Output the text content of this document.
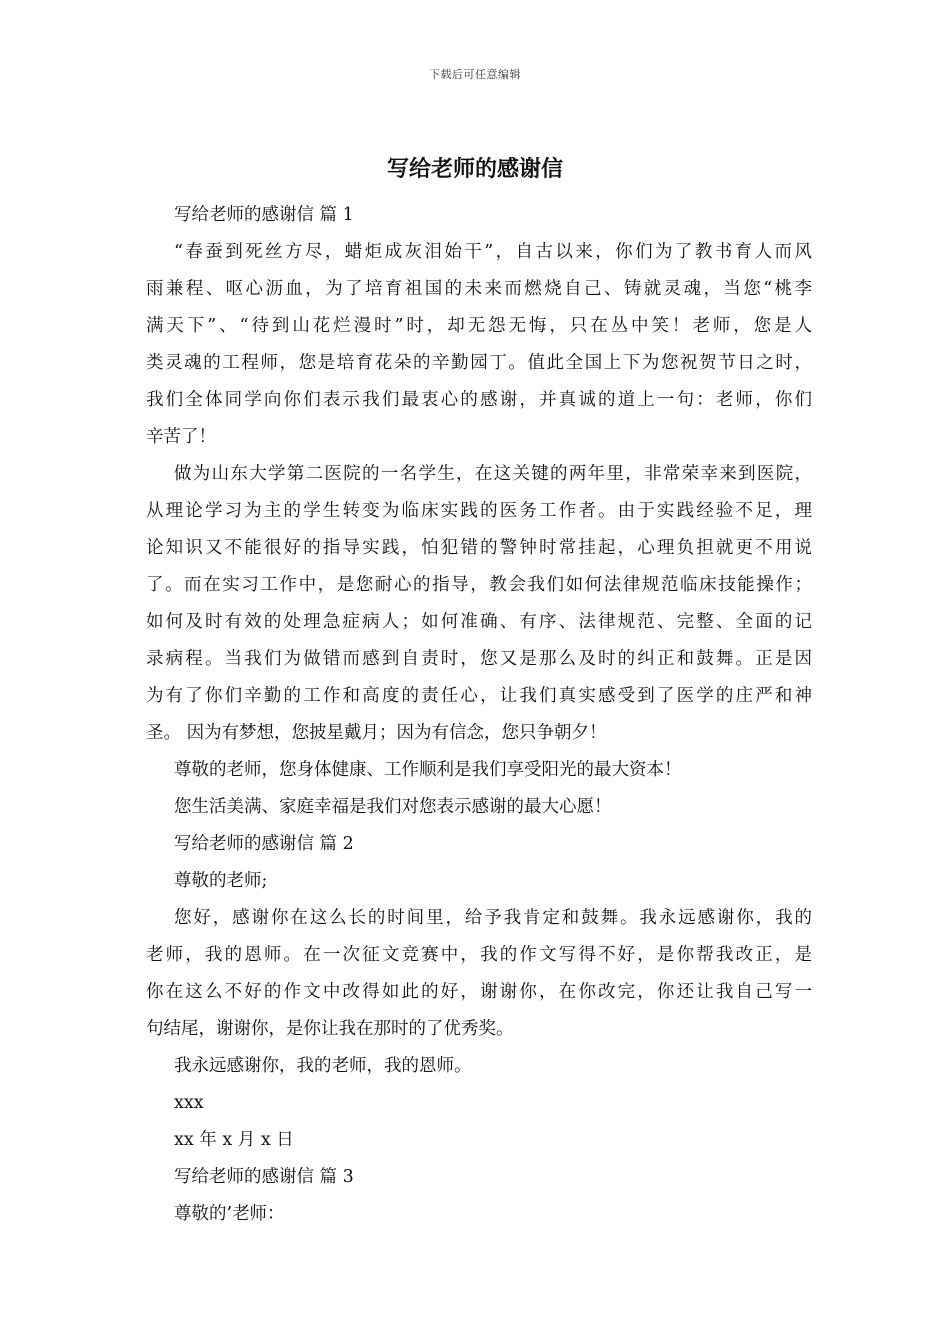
下载后可任意编辑
写给老师的感谢信
写给老师的感谢信 篇 1
“春蚕到死丝方尽，蜡炬成灰泪始干”，自古以来，你们为了教书育人而风
雨兼程、呕心沥血，为了培育祖国的未来而燃烧自己、铸就灵魂，当您“桃李
满天下”、“待到山花烂漫时”时，却无怨无悔，只在丛中笑！老师，您是人
类灵魂的工程师，您是培育花朵的辛勤园丁。值此全国上下为您祝贺节日之时，
我们全体同学向你们表示我们最衷心的感谢，并真诚的道上一句：老师，你们
辛苦了！
做为山东大学第二医院的一名学生，在这关键的两年里，非常荣幸来到医院，
从理论学习为主的学生转变为临床实践的医务工作者。由于实践经验不足，理
论知识又不能很好的指导实践，怕犯错的警钟时常挂起，心理负担就更不用说
了。而在实习工作中，是您耐心的指导，教会我们如何法律规范临床技能操作；
如何及时有效的处理急症病人；如何准确、有序、法律规范、完整、全面的记
录病程。当我们为做错而感到自责时，您又是那么及时的纠正和鼓舞。正是因
为有了你们辛勤的工作和高度的责任心，让我们真实感受到了医学的庄严和神
圣。 因为有梦想，您披星戴月；因为有信念，您只争朝夕！
尊敬的老师，您身体健康、工作顺利是我们享受阳光的最大资本！
您生活美满、家庭幸福是我们对您表示感谢的最大心愿！
写给老师的感谢信 篇 2
尊敬的老师;
您好，感谢你在这么长的时间里，给予我肯定和鼓舞。我永远感谢你，我的
老师，我的恩师。在一次征文竞赛中，我的作文写得不好，是你帮我改正，是
你在这么不好的作文中改得如此的好，谢谢你，在你改完，你还让我自己写一
句结尾，谢谢你，是你让我在那时的了优秀奖。
我永远感谢你，我的老师，我的恩师。
xxx
xx 年 x 月 x 日
写给老师的感谢信 篇 3
尊敬的’老师：
